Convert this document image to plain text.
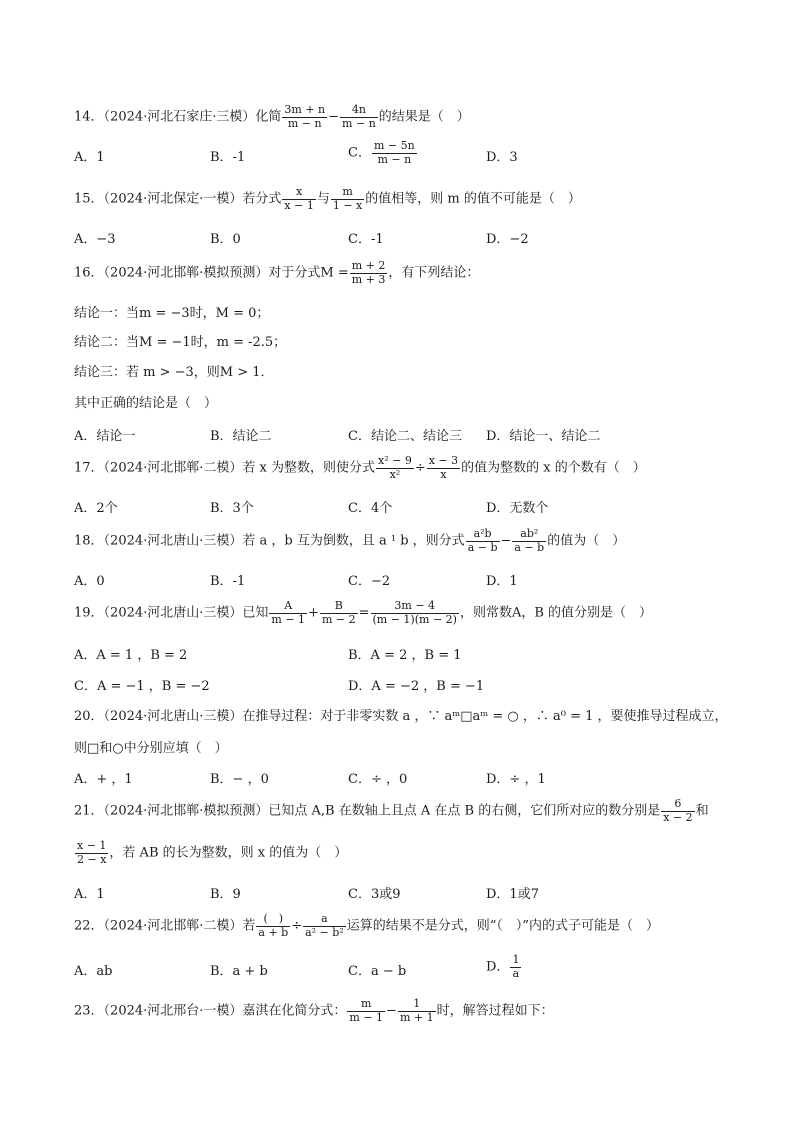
14．（2024·河北石家庄·三模）化简 $\frac{3m + n}{m - n} - \frac{4n}{m - n}$ 的结果是（　）
A．1	B．-1	C． $\frac{m - 5n}{m - n}$	D．3
15．（2024·河北保定·一模）若分式 $\frac{x}{x - 1}$ 与 $\frac{m}{1 - x}$ 的值相等，则 m 的值不可能是（　）
A．−3	B．0	C．-1	D．−2
16．（2024·河北邯郸·模拟预测）对于分式$M = \frac{m + 2}{m + 3}$ ，有下列结论：
结论一：当m = −3时，M = 0；
结论二：当M = −1时，m = -2.5；
结论三：若 m > −3，则M > 1．
其中正确的结论是（　）
A．结论一	B．结论二	C．结论二、结论三 D．结论一、结论二
17．（2024·河北邯郸·二模）若 x 为整数，则使分式 $\frac{\text{x² − 9}}{\text{x²}} \div \frac{x - 3}{x}$ 的值为整数的 x 的个数有（　）
A．2个	B．3个	C．4个	D．无数个
18．（2024·河北唐山·三模）若 a ，b 互为倒数，且 a ¹ b ，则分式 $\frac{\text{a²b}}{a - b} - \frac{\text{ab²}}{a - b}$ 的值为（　）
A．0	B．-1	C．−2	D．1
19．（2024·河北唐山·三模）已知 $\frac{A}{m - 1} + \frac{B}{m - 2} = \frac{3m - 4}{(m - 1)(m - 2)}$ ，则常数A，B 的值分别是（　）
A．A = 1 ，B = 2	B．A = 2 ，B = 1
C．A = −1 ，B = −2	D．A = −2 ，B = −1
20．（2024·河北唐山·三模）在推导过程：对于非零实数 a ，∵ aᵐ□aᵐ = ○ ，∴ a⁰ = 1 ，要使推导过程成立，
则□和○中分别应填（　）
A．+ ，1	B．− ，0	C．÷ ，0	D．÷ ，1
21．（2024·河北邯郸·模拟预测）已知点 A,B 在数轴上且点 A 在点 B 的右侧，它们所对应的数分别是 $\frac{6}{x - 2}$ 和
$\frac{x - 1}{2 - x}$ ，若 AB 的长为整数，则 x 的值为（　）
A．1	B．9	C．3或9	D．1或7
22．（2024·河北邯郸·二模）若 $\frac{( )}{a + b} \div \frac{a}{\text{a² − b²}}$ 运算的结果不是分式，则“（　）”内的式子可能是（　）
A．ab	B．a + b	C．a − b	D． $\frac{1}{a}$
23．（2024·河北邢台·一模）嘉淇在化简分式： $\frac{m}{m - 1} - \frac{1}{m + 1}$ 时，解答过程如下：
